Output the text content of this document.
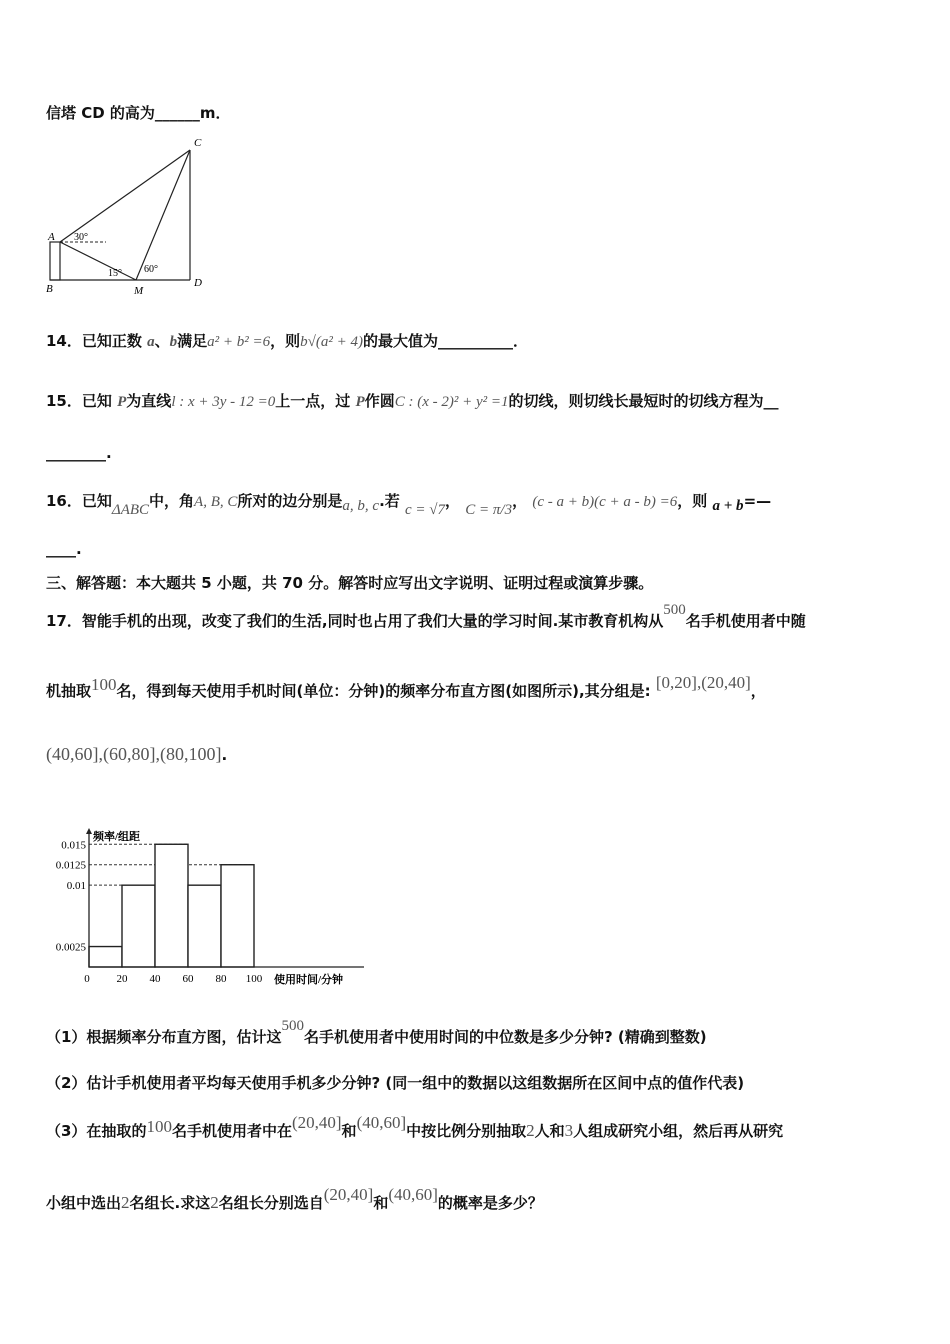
信塔 CD 的高为______m．
C
A
B	M
D
30°
15° 60°
14．已知正数 a、b满足a² + b² =6，则b√(a² + 4)的最大值为__________．
15．已知 P为直线l : x + 3y - 12 =0上一点，过 P作圆C : (x - 2)² + y² =1的切线，则切线长最短时的切线方程为__
________.
16．已知ΔABC中，角A, B, C所对的边分别是a, b, c.若 c = √7， C = π/3， (c - a + b)(c + a - b) =6，则 a + b=—
____.
三、解答题：本大题共 5 小题，共 70 分。解答时应写出文字说明、证明过程或演算步骤。
17．智能手机的出现，改变了我们的生活,同时也占用了我们大量的学习时间.某市教育机构从500名手机使用者中随
机抽取100名，得到每天使用手机时间(单位：分钟)的频率分布直方图(如图所示),其分组是: [0,20],(20,40]，
(40,60],(60,80],(80,100].
0.0025
0.01
0.0125
0.015
0 20 40 60 80 100
频率/组距
使用时间/分钟
（1）根据频率分布直方图，估计这500名手机使用者中使用时间的中位数是多少分钟? (精确到整数)
（2）估计手机使用者平均每天使用手机多少分钟? (同一组中的数据以这组数据所在区间中点的值作代表)
（3）在抽取的100名手机使用者中在(20,40]和(40,60]中按比例分别抽取2人和3人组成研究小组，然后再从研究
小组中选出2名组长.求这2名组长分别选自(20,40]和(40,60]的概率是多少？
